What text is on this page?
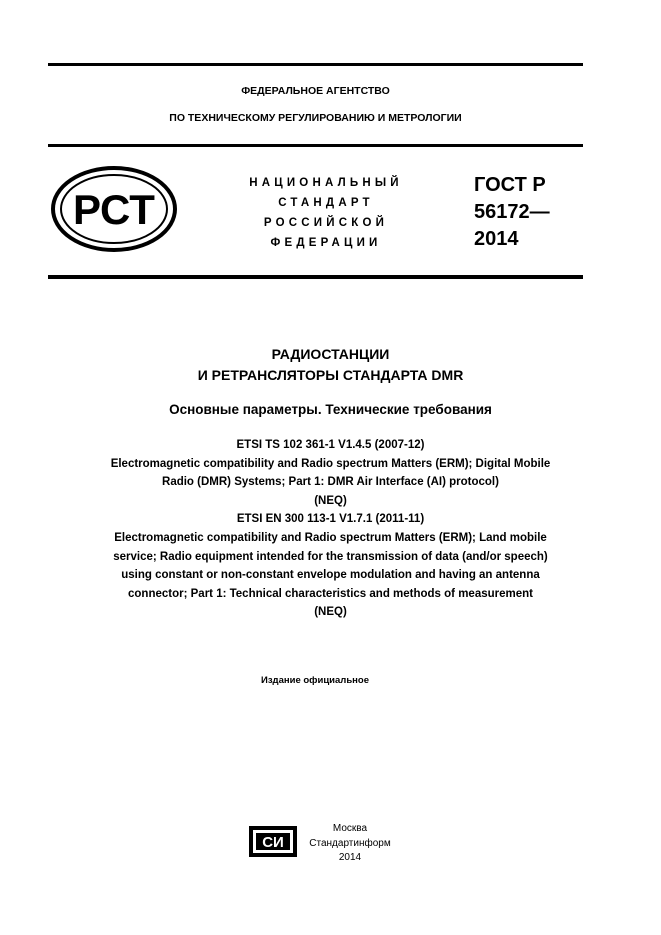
ФЕДЕРАЛЬНОЕ АГЕНТСТВО
ПО ТЕХНИЧЕСКОМУ РЕГУЛИРОВАНИЮ И МЕТРОЛОГИИ
РСТ
НАЦИОНАЛЬНЫЙ
СТАНДАРТ
РОССИЙСКОЙ
ФЕДЕРАЦИИ
ГОСТ Р
56172—
2014
РАДИОСТАНЦИИ
И РЕТРАНСЛЯТОРЫ СТАНДАРТА DMR
Основные параметры. Технические требования
ETSI TS 102 361-1 V1.4.5 (2007-12)
Electromagnetic compatibility and Radio spectrum Matters (ERM); Digital Mobile
Radio (DMR) Systems; Part 1: DMR Air Interface (AI) protocol)
(NEQ)
ETSI EN 300 113-1 V1.7.1 (2011-11)
Electromagnetic compatibility and Radio spectrum Matters (ERM); Land mobile
service; Radio equipment intended for the transmission of data (and/or speech)
using constant or non-constant envelope modulation and having an antenna
connector; Part 1: Technical characteristics and methods of measurement
(NEQ)
Издание официальное
СИ
Москва
Стандартинформ
2014
